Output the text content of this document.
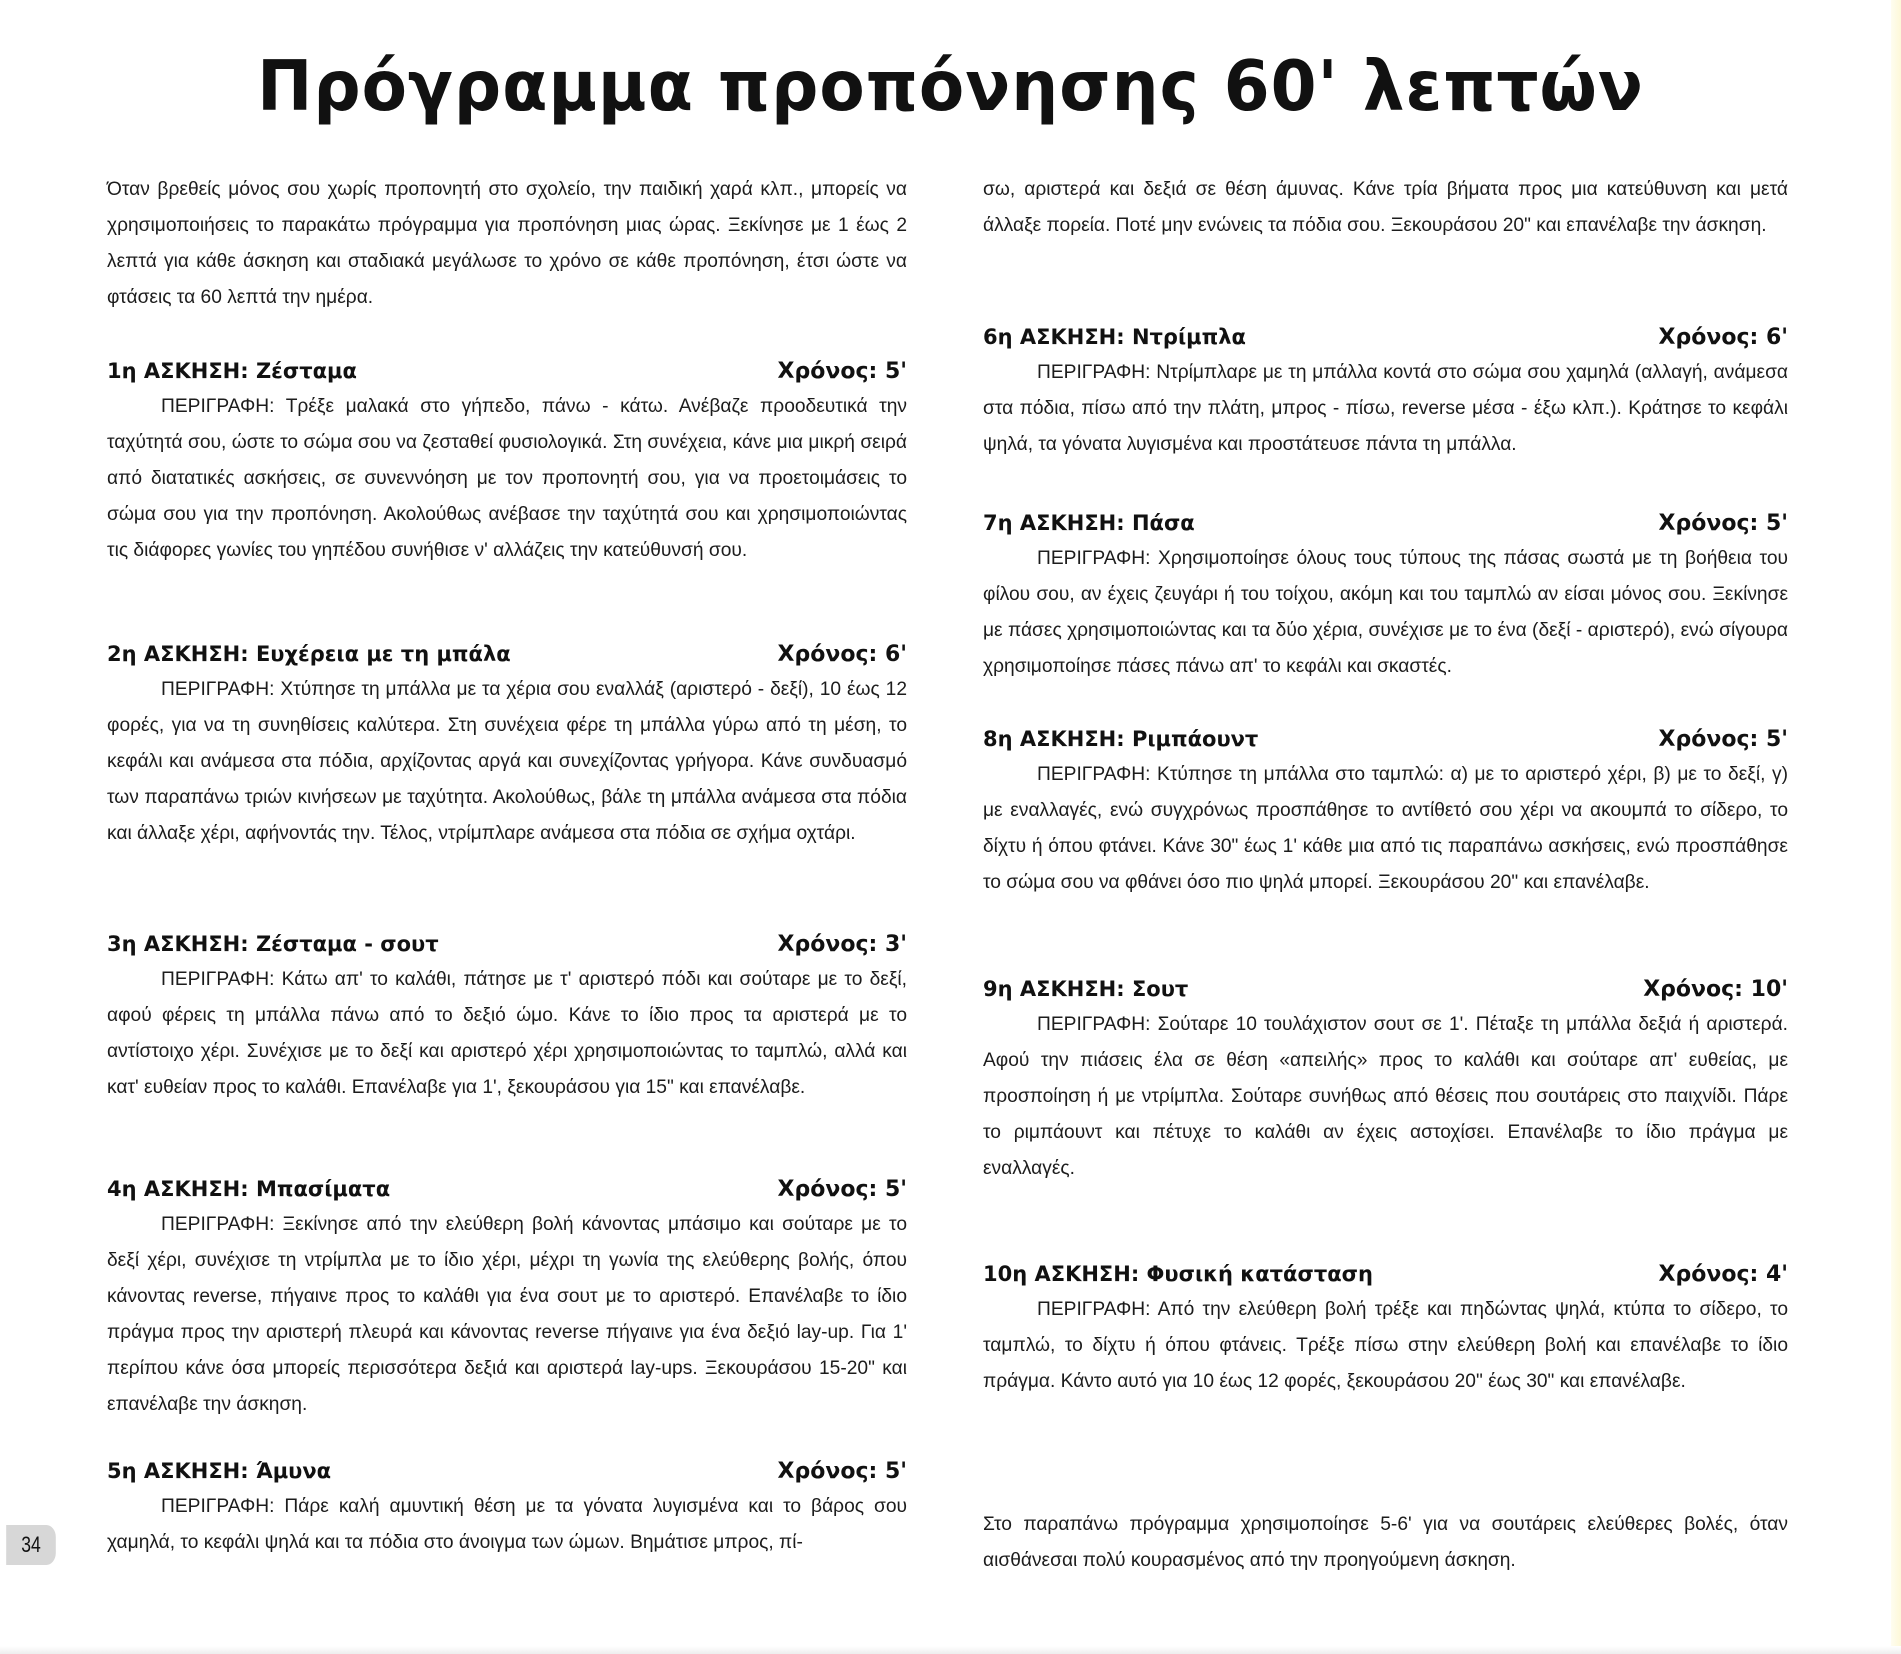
Πρόγραμμα προπόνησης 60' λεπτών

Όταν βρεθείς μόνος σου χωρίς προπονητή στο σχολείο, την παιδική χαρά κλπ., μπορείς να χρησιμοποιήσεις το παρακάτω πρόγραμμα για προπόνηση μιας ώρας. Ξεκίνησε με 1 έως 2 λεπτά για κάθε άσκηση και σταδιακά μεγάλωσε το χρόνο σε κάθε προπόνηση, έτσι ώστε να φτάσεις τα 60 λεπτά την ημέρα.

1η ΑΣΚΗΣΗ: Ζέσταμα	Χρόνος: 5'

ΠΕΡΙΓΡΑΦΗ: Τρέξε μαλακά στο γήπεδο, πάνω - κάτω. Ανέβαζε προοδευτικά την ταχύτητά σου, ώστε το σώμα σου να ζεσταθεί φυσιολογικά. Στη συνέχεια, κάνε μια μικρή σειρά από διατατικές ασκήσεις, σε συνεννόηση με τον προπονητή σου, για να προετοιμάσεις το σώμα σου για την προπόνηση. Ακολούθως ανέβασε την ταχύτητά σου και χρησιμοποιώντας τις διάφορες γωνίες του γηπέδου συνήθισε ν' αλλάζεις την κατεύθυνσή σου.

2η ΑΣΚΗΣΗ: Ευχέρεια με τη μπάλα	Χρόνος: 6'

ΠΕΡΙΓΡΑΦΗ: Χτύπησε τη μπάλλα με τα χέρια σου εναλλάξ (αριστερό - δεξί), 10 έως 12 φορές, για να τη συνηθίσεις καλύτερα. Στη συνέχεια φέρε τη μπάλλα γύρω από τη μέση, το κεφάλι και ανάμεσα στα πόδια, αρχίζοντας αργά και συνεχίζοντας γρήγορα. Κάνε συνδυασμό των παραπάνω τριών κινήσεων με ταχύτητα. Ακολούθως, βάλε τη μπάλλα ανάμεσα στα πόδια και άλλαξε χέρι, αφήνοντάς την. Τέλος, ντρίμπλαρε ανάμεσα στα πόδια σε σχήμα οχτάρι.

3η ΑΣΚΗΣΗ: Ζέσταμα - σουτ	Χρόνος: 3'

ΠΕΡΙΓΡΑΦΗ: Κάτω απ' το καλάθι, πάτησε με τ' αριστερό πόδι και σούταρε με το δεξί, αφού φέρεις τη μπάλλα πάνω από το δεξιό ώμο. Κάνε το ίδιο προς τα αριστερά με το αντίστοιχο χέρι. Συνέχισε με το δεξί και αριστερό χέρι χρησιμοποιώντας το ταμπλώ, αλλά και κατ' ευθείαν προς το καλάθι. Επανέλαβε για 1', ξεκουράσου για 15" και επανέλαβε.

4η ΑΣΚΗΣΗ: Μπασίματα	Χρόνος: 5'

ΠΕΡΙΓΡΑΦΗ: Ξεκίνησε από την ελεύθερη βολή κάνοντας μπάσιμο και σούταρε με το δεξί χέρι, συνέχισε τη ντρίμπλα με το ίδιο χέρι, μέχρι τη γωνία της ελεύθερης βολής, όπου κάνοντας reverse, πήγαινε προς το καλάθι για ένα σουτ με το αριστερό. Επανέλαβε το ίδιο πράγμα προς την αριστερή πλευρά και κάνοντας reverse πήγαινε για ένα δεξιό lay-up. Για 1' περίπου κάνε όσα μπορείς περισσότερα δεξιά και αριστερά lay-ups. Ξεκουράσου 15-20" και επανέλαβε την άσκηση.

5η ΑΣΚΗΣΗ: Άμυνα	Χρόνος: 5'

ΠΕΡΙΓΡΑΦΗ: Πάρε καλή αμυντική θέση με τα γόνατα λυγισμένα και το βάρος σου χαμηλά, το κεφάλι ψηλά και τα πόδια στο άνοιγμα των ώμων. Βημάτισε μπρος, πί-

σω, αριστερά και δεξιά σε θέση άμυνας. Κάνε τρία βήματα προς μια κατεύθυνση και μετά άλλαξε πορεία. Ποτέ μην ενώνεις τα πόδια σου. Ξεκουράσου 20" και επανέλαβε την άσκηση.

6η ΑΣΚΗΣΗ: Ντρίμπλα	Χρόνος: 6'

ΠΕΡΙΓΡΑΦΗ: Ντρίμπλαρε με τη μπάλλα κοντά στο σώμα σου χαμηλά (αλλαγή, ανάμεσα στα πόδια, πίσω από την πλάτη, μπρος - πίσω, reverse μέσα - έξω κλπ.). Κράτησε το κεφάλι ψηλά, τα γόνατα λυγισμένα και προστάτευσε πάντα τη μπάλλα.

7η ΑΣΚΗΣΗ: Πάσα	Χρόνος: 5'

ΠΕΡΙΓΡΑΦΗ: Χρησιμοποίησε όλους τους τύπους της πάσας σωστά με τη βοήθεια του φίλου σου, αν έχεις ζευγάρι ή του τοίχου, ακόμη και του ταμπλώ αν είσαι μόνος σου. Ξεκίνησε με πάσες χρησιμοποιώντας και τα δύο χέρια, συνέχισε με το ένα (δεξί - αριστερό), ενώ σίγουρα χρησιμοποίησε πάσες πάνω απ' το κεφάλι και σκαστές.

8η ΑΣΚΗΣΗ: Ριμπάουντ	Χρόνος: 5'

ΠΕΡΙΓΡΑΦΗ: Κτύπησε τη μπάλλα στο ταμπλώ: α) με το αριστερό χέρι, β) με το δεξί, γ) με εναλλαγές, ενώ συγχρόνως προσπάθησε το αντίθετό σου χέρι να ακουμπά το σίδερο, το δίχτυ ή όπου φτάνει. Κάνε 30" έως 1' κάθε μια από τις παραπάνω ασκήσεις, ενώ προσπάθησε το σώμα σου να φθάνει όσο πιο ψηλά μπορεί. Ξεκουράσου 20" και επανέλαβε.

9η ΑΣΚΗΣΗ: Σουτ	Χρόνος: 10'

ΠΕΡΙΓΡΑΦΗ: Σούταρε 10 τουλάχιστον σουτ σε 1'. Πέταξε τη μπάλλα δεξιά ή αριστερά. Αφού την πιάσεις έλα σε θέση «απειλής» προς το καλάθι και σούταρε απ' ευθείας, με προσποίηση ή με ντρίμπλα. Σούταρε συνήθως από θέσεις που σουτάρεις στο παιχνίδι. Πάρε το ριμπάουντ και πέτυχε το καλάθι αν έχεις αστοχίσει. Επανέλαβε το ίδιο πράγμα με εναλλαγές.

10η ΑΣΚΗΣΗ: Φυσική κατάσταση	Χρόνος: 4'

ΠΕΡΙΓΡΑΦΗ: Από την ελεύθερη βολή τρέξε και πηδώντας ψηλά, κτύπα το σίδερο, το ταμπλώ, το δίχτυ ή όπου φτάνεις. Τρέξε πίσω στην ελεύθερη βολή και επανέλαβε το ίδιο πράγμα. Κάντο αυτό για 10 έως 12 φορές, ξεκουράσου 20" έως 30" και επανέλαβε.

Στο παραπάνω πρόγραμμα χρησιμοποίησε 5-6' για να σουτάρεις ελεύθερες βολές, όταν αισθάνεσαι πολύ κουρασμένος από την προηγούμενη άσκηση.

34
